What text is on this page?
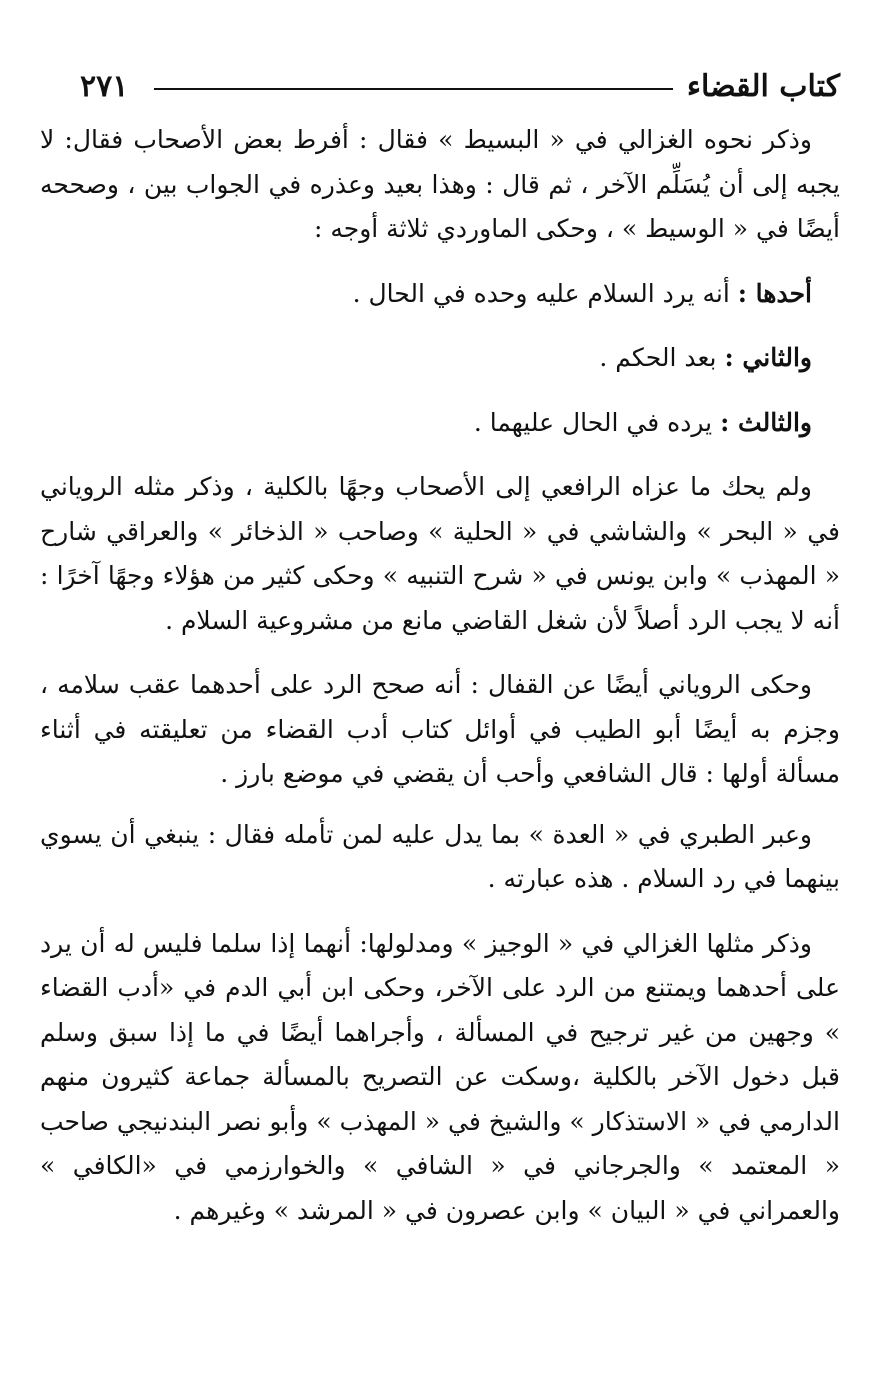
كتاب القضاء
٢٧١

وذكر نحوه الغزالي في « البسيط » فقال : أفرط بعض الأصحاب فقال: لا يجبه إلى أن يُسَلِّم الآخر ، ثم قال : وهذا بعيد وعذره في الجواب بين ، وصححه أيضًا في « الوسيط » ، وحكى الماوردي ثلاثة أوجه :

أحدها : أنه يرد السلام عليه وحده في الحال .

والثاني : بعد الحكم .

والثالث : يرده في الحال عليهما .

ولم يحك ما عزاه الرافعي إلى الأصحاب وجهًا بالكلية ، وذكر مثله الروياني في « البحر » والشاشي في « الحلية » وصاحب « الذخائر » والعراقي شارح « المهذب » وابن يونس في « شرح التنبيه » وحكى كثير من هؤلاء وجهًا آخرًا : أنه لا يجب الرد أصلاً لأن شغل القاضي مانع من مشروعية السلام .

وحكى الروياني أيضًا عن القفال : أنه صحح الرد على أحدهما عقب سلامه ، وجزم به أيضًا أبو الطيب في أوائل كتاب أدب القضاء من تعليقته في أثناء مسألة أولها : قال الشافعي وأحب أن يقضي في موضع بارز .

وعبر الطبري في « العدة » بما يدل عليه لمن تأمله فقال : ينبغي أن يسوي بينهما في رد السلام . هذه عبارته .

وذكر مثلها الغزالي في « الوجيز » ومدلولها: أنهما إذا سلما فليس له أن يرد على أحدهما ويمتنع من الرد على الآخر، وحكى ابن أبي الدم في «أدب القضاء » وجهين من غير ترجيح في المسألة ، وأجراهما أيضًا في ما إذا سبق وسلم قبل دخول الآخر بالكلية ،وسكت عن التصريح بالمسألة جماعة كثيرون منهم الدارمي في « الاستذكار » والشيخ في « المهذب » وأبو نصر البندنيجي صاحب « المعتمد » والجرجاني في « الشافي » والخوارزمي في «الكافي » والعمراني في « البيان » وابن عصرون في « المرشد » وغيرهم .
